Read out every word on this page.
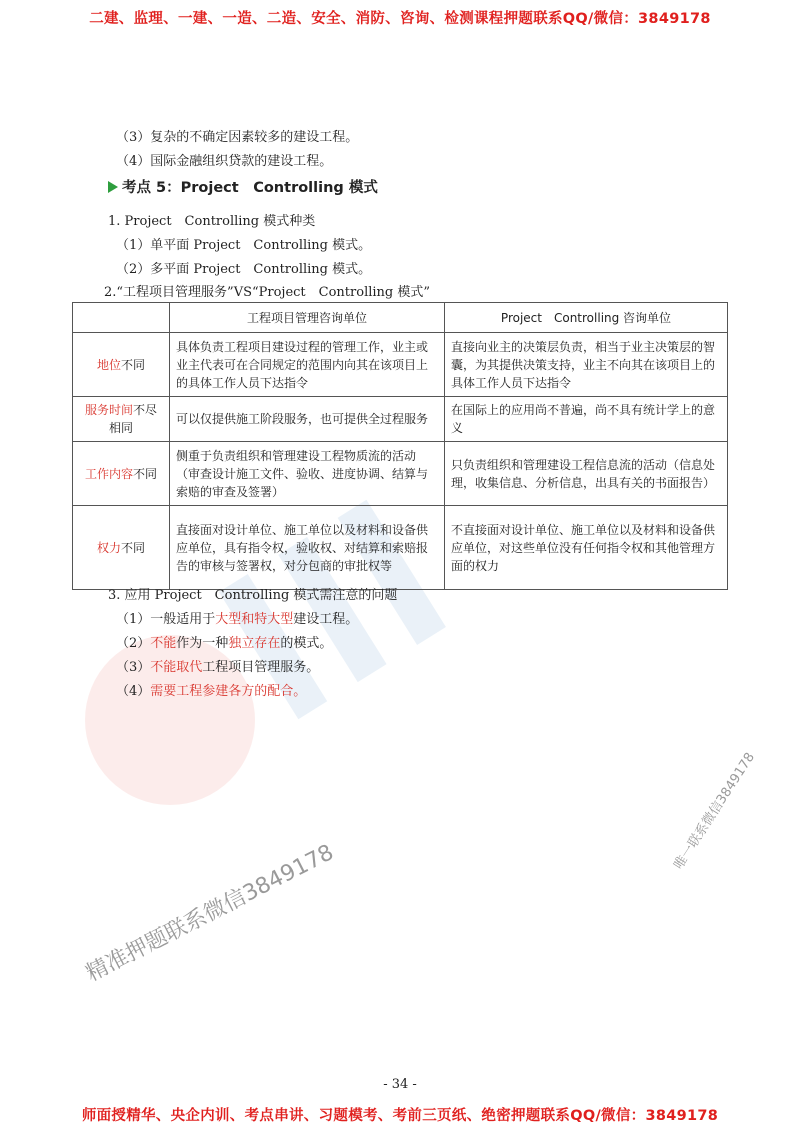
二建、监理、一建、一造、二造、安全、消防、咨询、检测课程押题联系QQ/微信：3849178
精准押题联系微信3849178
唯一联系微信3849178
（3）复杂的不确定因素较多的建设工程。
（4）国际金融组织贷款的建设工程。
考点 5：Project　Controlling 模式
1. Project　Controlling 模式种类
（1）单平面 Project　Controlling 模式。
（2）多平面 Project　Controlling 模式。
2.“工程项目管理服务”VS“Project　Controlling 模式”
	工程项目管理咨询单位	Project　Controlling 咨询单位
地位不同	具体负责工程项目建设过程的管理工作，业主或业主代表可在合同规定的范围内向其在该项目上的具体工作人员下达指令	直接向业主的决策层负责，相当于业主决策层的智囊，为其提供决策支持，业主不向其在该项目上的具体工作人员下达指令
服务时间不尽相同	可以仅提供施工阶段服务，也可提供全过程服务	在国际上的应用尚不普遍，尚不具有统计学上的意义
工作内容不同	侧重于负责组织和管理建设工程物质流的活动（审查设计施工文件、验收、进度协调、结算与索赔的审查及签署）	只负责组织和管理建设工程信息流的活动（信息处理，收集信息、分析信息，出具有关的书面报告）
权力不同	直接面对设计单位、施工单位以及材料和设备供应单位，具有指令权，验收权、对结算和索赔报告的审核与签署权，对分包商的审批权等	不直接面对设计单位、施工单位以及材料和设备供应单位，对这些单位没有任何指令权和其他管理方面的权力
3. 应用 Project　Controlling 模式需注意的问题
（1）一般适用于大型和特大型建设工程。
（2）不能作为一种独立存在的模式。
（3）不能取代工程项目管理服务。
（4）需要工程参建各方的配合。
- 34 -
师面授精华、央企内训、考点串讲、习题模考、考前三页纸、绝密押题联系QQ/微信：3849178
